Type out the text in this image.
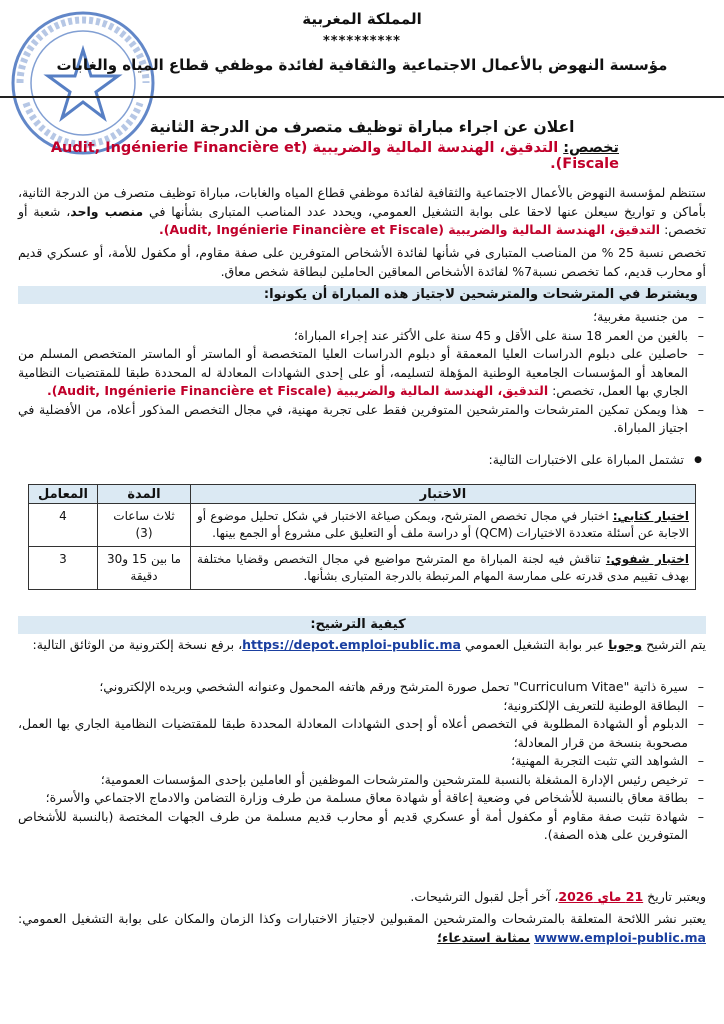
المملكة المغربية
**********
مؤسسة النهوض بالأعمال الاجتماعية والثقافية لفائدة موظفي قطاع المياه والغابات
اعلان عن اجراء مباراة توظيف متصرف من الدرجة الثانية
تخصص: التدقيق، الهندسة المالية والضريبية (Audit, Ingénierie Financière et Fiscale).
ستنظم لمؤسسة النهوض بالأعمال الاجتماعية والثقافية لفائدة موظفي قطاع المياه والغابات، مباراة توظيف متصرف من الدرجة الثانية، بأماكن و تواريخ سيعلن عنها لاحقا على بوابة التشغيل العمومي، ويحدد عدد المناصب المتبارى بشأنها في منصب واحد، شعبة أو تخصص: التدقيق، الهندسة المالية والضريبية (Audit, Ingénierie Financière et Fiscale).
تخصص نسبة 25 % من المناصب المتبارى في شأنها لفائدة الأشخاص المتوفرين على صفة مقاوم، أو مكفول للأمة، أو عسكري قديم أو محارب قديم، كما تخصص نسبة7% لفائدة الأشخاص المعاقين الحاملين لبطاقة شخص معاق.
ويشترط في المترشحات والمترشحين لاجتياز هذه المباراة أن يكونوا:
– من جنسية مغربية؛
– بالغين من العمر 18 سنة على الأقل و 45 سنة على الأكثر عند إجراء المباراة؛
– حاصلين على دبلوم الدراسات العليا المعمقة أو دبلوم الدراسات العليا المتخصصة أو الماستر أو الماستر المتخصص المسلم من المعاهد أو المؤسسات الجامعية الوطنية المؤهلة لتسليمه، أو على إحدى الشهادات المعادلة له المحددة طبقا للمقتضيات النظامية الجاري بها العمل، تخصص: التدقيق، الهندسة المالية والضريبية (Audit, Ingénierie Financière et Fiscale).
– هذا ويمكن تمكين المترشحات والمترشحين المتوفرين فقط على تجربة مهنية، في مجال التخصص المذكور أعلاه، من الأفضلية في اجتياز المباراة.
● تشتمل المباراة على الاختبارات التالية:
الاختبار	المدة	المعامل
اختبار كتابي: اختبار في مجال تخصص المترشح، ويمكن صياغة الاختبار في شكل تحليل موضوع أو الاجابة عن أسئلة متعددة الاختيارات (QCM) أو دراسة ملف أو التعليق على مشروع أو الجمع بينها.	ثلاث ساعات (3)	4
اختبار شفوي: تناقش فيه لجنة المباراة مع المترشح مواضيع في مجال التخصص وقضايا مختلفة بهدف تقييم مدى قدرته على ممارسة المهام المرتبطة بالدرجة المتبارى بشأنها.	ما بين 15 و30 دقيقة	3
كيفية الترشيح:
يتم الترشيح وجوبا عبر بوابة التشغيل العمومي https://depot.emploi-public.ma، برفع نسخة إلكترونية من الوثائق التالية:
– سيرة ذاتية "Curriculum Vitae" تحمل صورة المترشح ورقم هاتفه المحمول وعنوانه الشخصي وبريده الإلكتروني؛
– البطاقة الوطنية للتعريف الإلكترونية؛
– الدبلوم أو الشهادة المطلوبة في التخصص أعلاه أو إحدى الشهادات المعادلة المحددة طبقا للمقتضيات النظامية الجاري بها العمل، مصحوبة بنسخة من قرار المعادلة؛
– الشواهد التي تثبت التجربة المهنية؛
– ترخيص رئيس الإدارة المشغلة بالنسبة للمترشحين والمترشحات الموظفين أو العاملين بإحدى المؤسسات العمومية؛
– بطاقة معاق بالنسبة للأشخاص في وضعية إعاقة أو شهادة معاق مسلمة من طرف وزارة التضامن والادماج الاجتماعي والأسرة؛
– شهادة تثبت صفة مقاوم أو مكفول أمة أو عسكري قديم أو محارب قديم مسلمة من طرف الجهات المختصة (بالنسبة للأشخاص المتوفرين على هذه الصفة).
ويعتبر تاريخ 21 ماي 2026، آخر أجل لقبول الترشيحات.
يعتبر نشر اللائحة المتعلقة بالمترشحات والمترشحين المقبولين لاجتياز الاختبارات وكذا الزمان والمكان على بوابة التشغيل العمومي: wwww.emploi-public.ma بمثابة استدعاء؛
